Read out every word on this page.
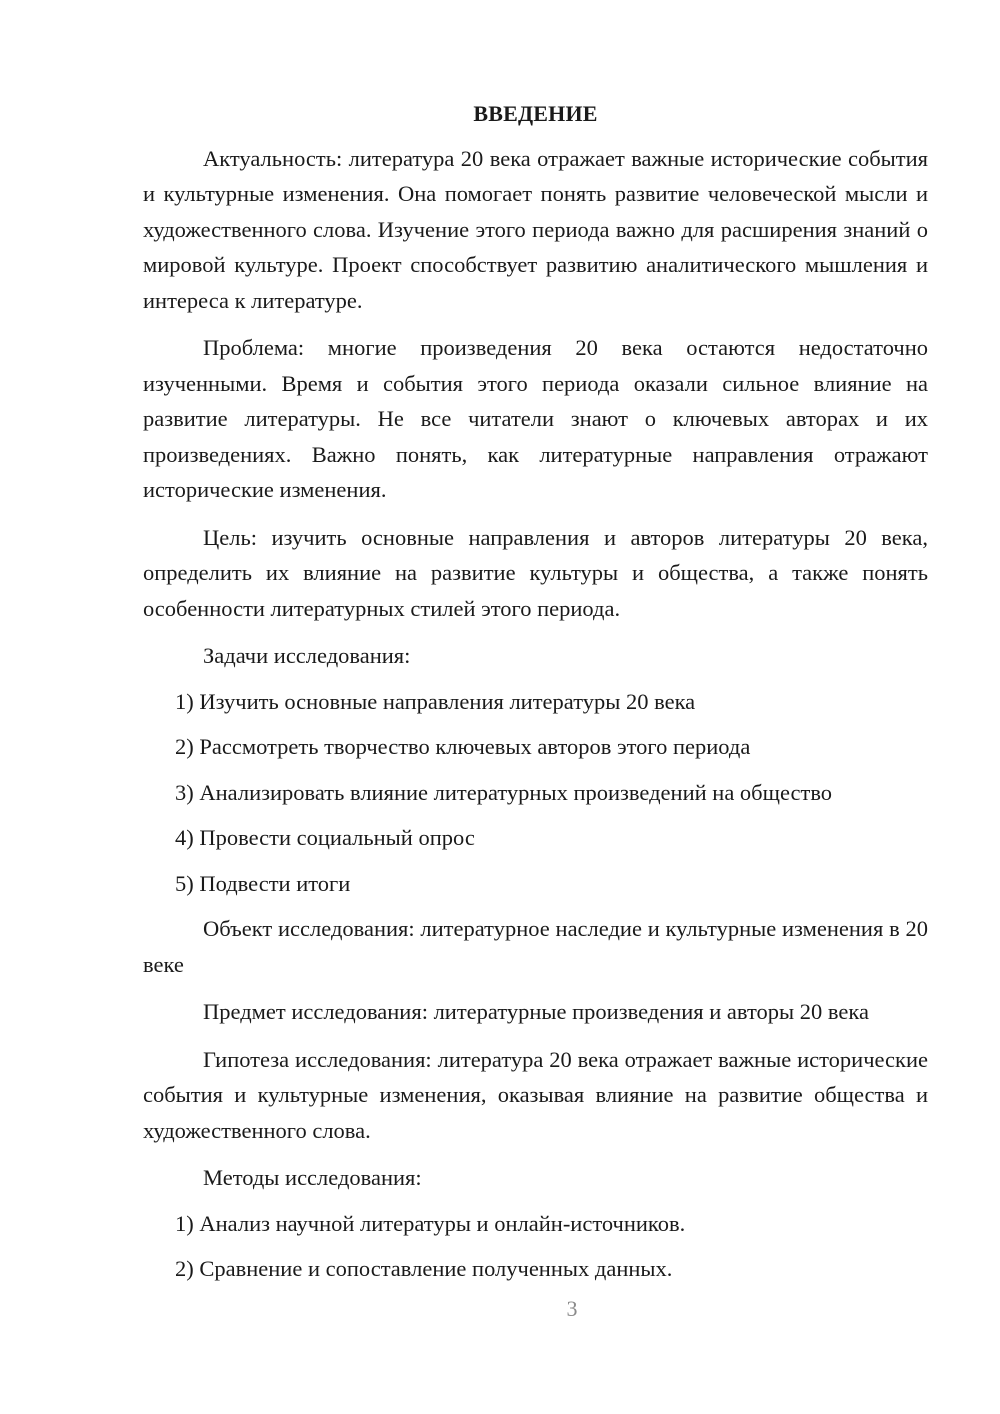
ВВЕДЕНИЕ

Актуальность: литература 20 века отражает важные исторические события и культурные изменения. Она помогает понять развитие человеческой мысли и художественного слова. Изучение этого периода важно для расширения знаний о мировой культуре. Проект способствует развитию аналитического мышления и интереса к литературе.

Проблема: многие произведения 20 века остаются недостаточно изученными. Время и события этого периода оказали сильное влияние на развитие литературы. Не все читатели знают о ключевых авторах и их произведениях. Важно понять, как литературные направления отражают исторические изменения.

Цель: изучить основные направления и авторов литературы 20 века, определить их влияние на развитие культуры и общества, а также понять особенности литературных стилей этого периода.

Задачи исследования:

1) Изучить основные направления литературы 20 века
2) Рассмотреть творчество ключевых авторов этого периода
3) Анализировать влияние литературных произведений на общество
4) Провести социальный опрос
5) Подвести итоги

Объект исследования: литературное наследие и культурные изменения в 20 веке

Предмет исследования: литературные произведения и авторы 20 века

Гипотеза исследования: литература 20 века отражает важные исторические события и культурные изменения, оказывая влияние на развитие общества и художественного слова.

Методы исследования:

1) Анализ научной литературы и онлайн-источников.
2) Сравнение и сопоставление полученных данных.
3
